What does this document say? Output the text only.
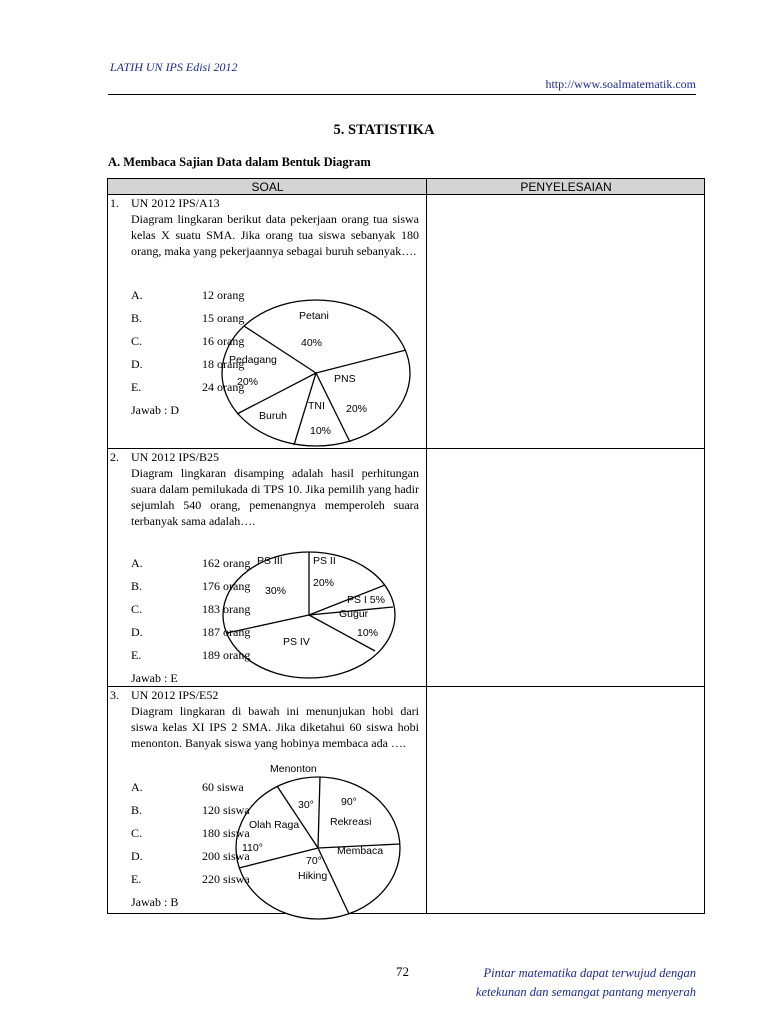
LATIH UN IPS Edisi 2012
http://www.soalmatematik.com
5. STATISTIKA
A. Membaca Sajian Data dalam Bentuk Diagram
SOAL	PENYELESAIAN
1. UN 2012 IPS/A13
Diagram lingkaran berikut data pekerjaan orang tua siswa kelas X suatu SMA. Jika orang tua siswa sebanyak 180 orang, maka yang pekerjaannya sebagai buruh sebanyak….
Petani
40%
Pedagang
20%	PNS
20%
TNI
10%
Buruh
A.	12 orang
B.	15 orang
C.	16 orang
D.	18 orang
E.	24 orang
Jawab : D
2. UN 2012 IPS/B25
Diagram lingkaran disamping adalah hasil perhitungan suara dalam pemilukada di TPS 10. Jika pemilih yang hadir sejumlah 540 orang, pemenangnya memperoleh suara terbanyak sama adalah….
PS III
30%
PS II
20%
PS I 5%
Gugur
10%
PS IV
A.	162 orang
B.	176 orang
C.	183 orang
D.	187 orang
E.	189 orang
Jawab : E
3. UN 2012 IPS/E52
Diagram lingkaran di bawah ini menunjukan hobi dari siswa kelas XI IPS 2 SMA. Jika diketahui 60 siswa hobi menonton. Banyak siswa yang hobinya membaca ada ….
Menonton
30°	90°
Rekreasi
Olah Raga
110°	Membaca
70°
Hiking
A.	60 siswa
B.	120 siswa
C.	180 siswa
D.	200 siswa
E.	220 siswa
Jawab : B
72	Pintar matematika dapat terwujud dengan
ketekunan dan semangat pantang menyerah
